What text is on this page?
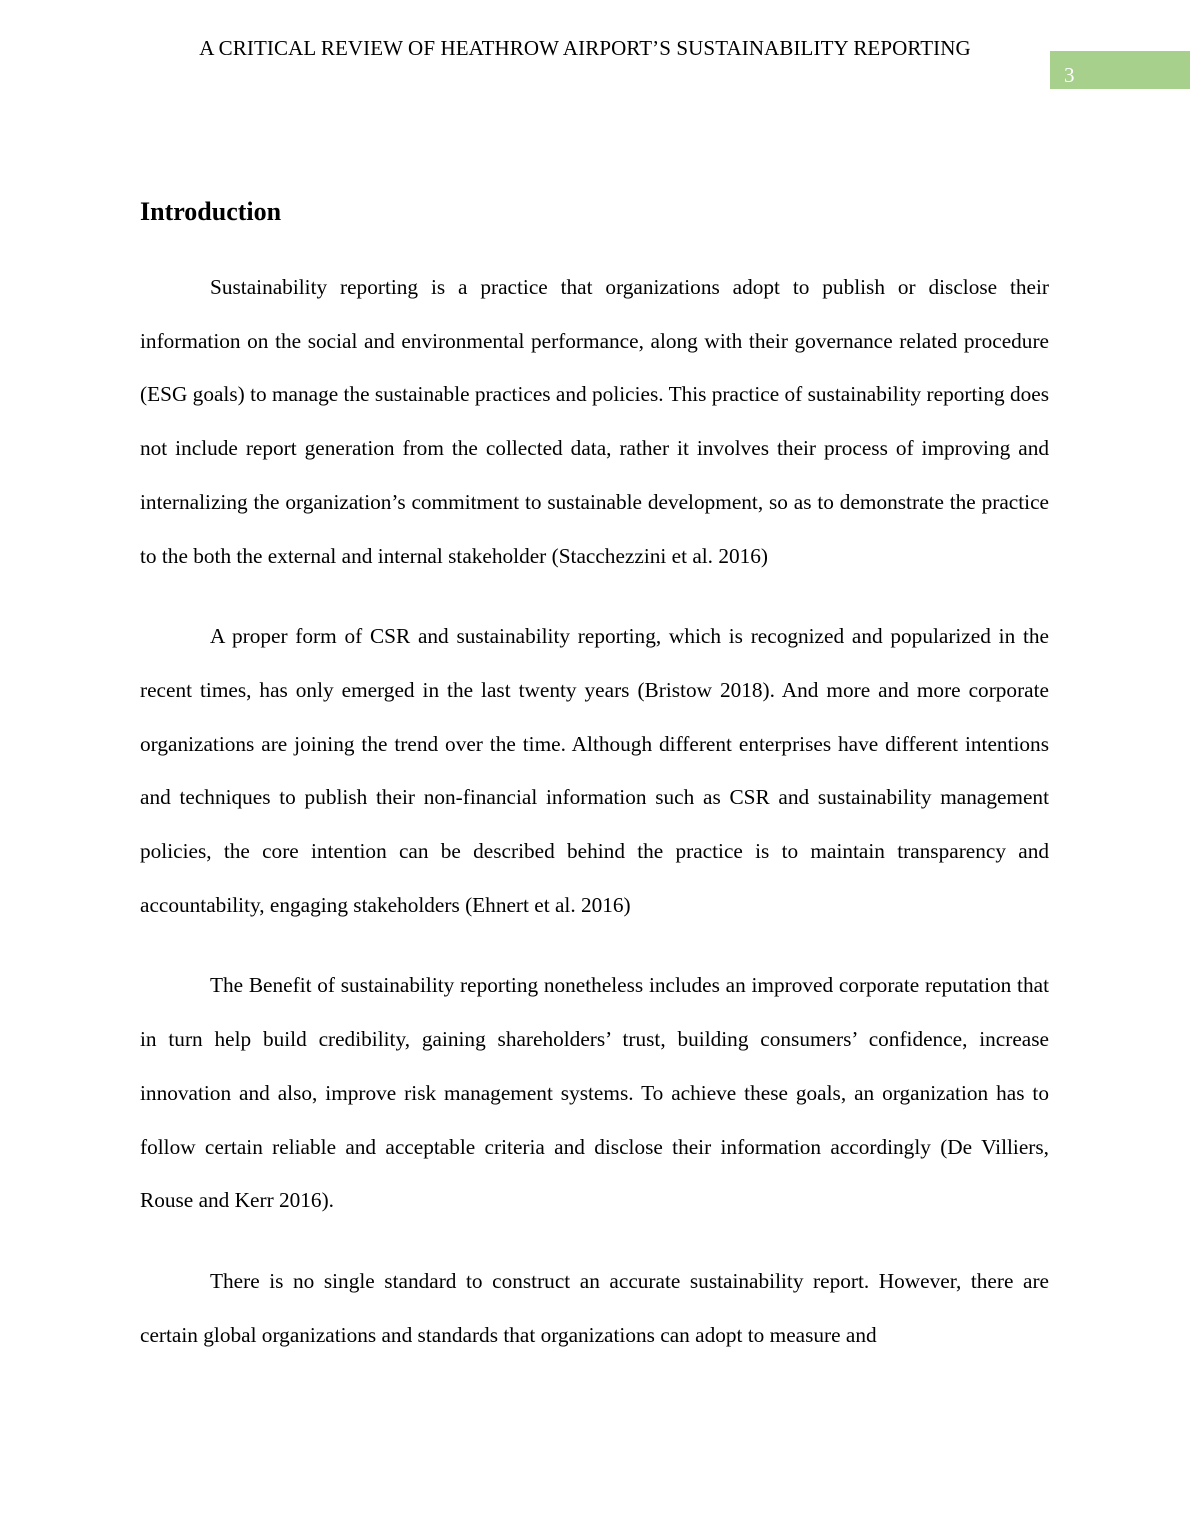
A CRITICAL REVIEW OF HEATHROW AIRPORT’S SUSTAINABILITY REPORTING
3
Introduction

Sustainability reporting is a practice that organizations adopt to publish or disclose their information on the social and environmental performance, along with their governance related procedure (ESG goals) to manage the sustainable practices and policies. This practice of sustainability reporting does not include report generation from the collected data, rather it involves their process of improving and internalizing the organization’s commitment to sustainable development, so as to demonstrate the practice to the both the external and internal stakeholder (Stacchezzini et al. 2016)

A proper form of CSR and sustainability reporting, which is recognized and popularized in the recent times, has only emerged in the last twenty years (Bristow 2018). And more and more corporate organizations are joining the trend over the time. Although different enterprises have different intentions and techniques to publish their non-financial information such as CSR and sustainability management policies, the core intention can be described behind the practice is to maintain transparency and accountability, engaging stakeholders (Ehnert et al. 2016)

The Benefit of sustainability reporting nonetheless includes an improved corporate reputation that in turn help build credibility, gaining shareholders’ trust, building consumers’ confidence, increase innovation and also, improve risk management systems. To achieve these goals, an organization has to follow certain reliable and acceptable criteria and disclose their information accordingly (De Villiers, Rouse and Kerr 2016).

There is no single standard to construct an accurate sustainability report. However, there are certain global organizations and standards that organizations can adopt to measure and
